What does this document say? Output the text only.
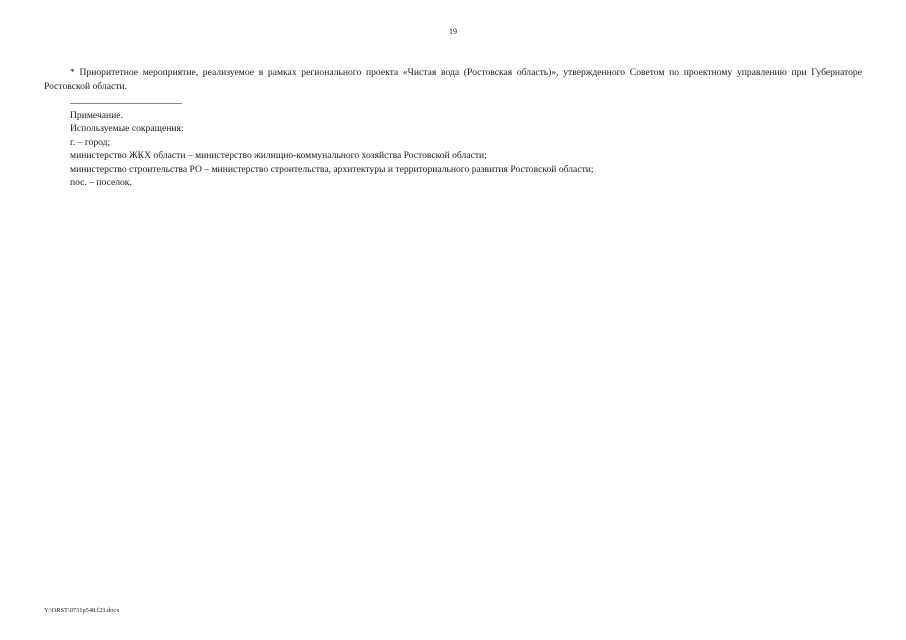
19

* Приоритетное мероприятие, реализуемое в рамках регионального проекта «Чистая вода (Ростовская область)», утвержденного Советом по проектному управлению при Губернаторе Ростовской области.

Примечание.
Используемые сокращения:
г. – город;
министерство ЖКХ области – министерство жилищно-коммунального хозяйства Ростовской области;
министерство строительства РО – министерство строительства, архитектуры и территориального развития Ростовской области;
пос. – поселок.
Y:\ORST\0731p548.f23.docx
